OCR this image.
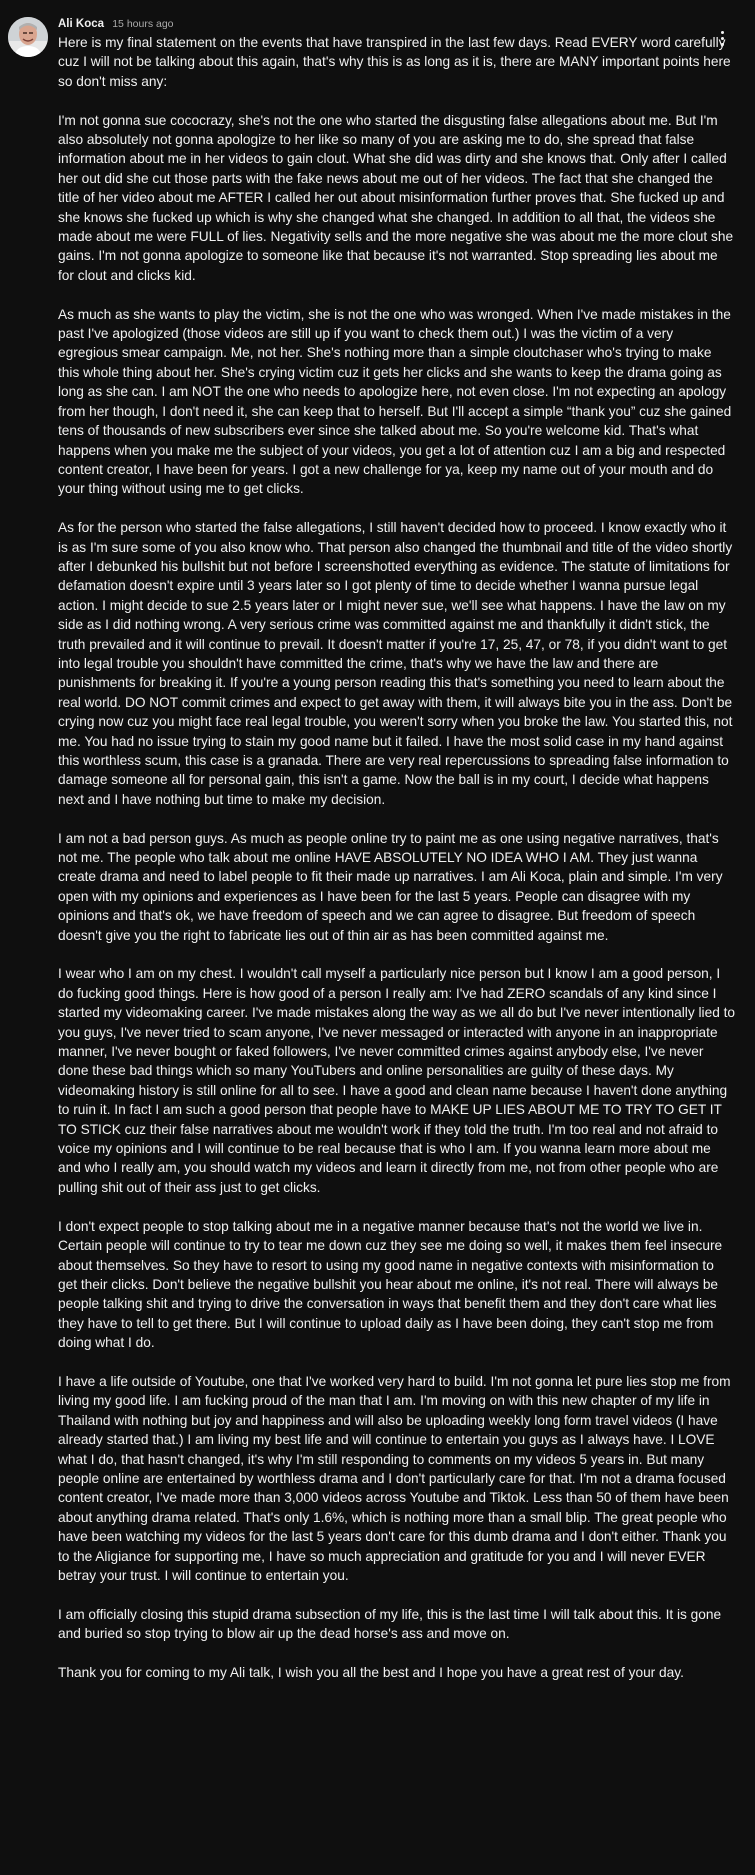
Ali Koca 15 hours ago

Here is my final statement on the events that have transpired in the last few days. Read EVERY word carefully cuz I will not be talking about this again, that's why this is as long as it is, there are MANY important points here so don't miss any:

I'm not gonna sue cococrazy, she's not the one who started the disgusting false allegations about me. But I'm also absolutely not gonna apologize to her like so many of you are asking me to do, she spread that false information about me in her videos to gain clout. What she did was dirty and she knows that. Only after I called her out did she cut those parts with the fake news about me out of her videos. The fact that she changed the title of her video about me AFTER I called her out about misinformation further proves that. She fucked up and she knows she fucked up which is why she changed what she changed. In addition to all that, the videos she made about me were FULL of lies. Negativity sells and the more negative she was about me the more clout she gains. I'm not gonna apologize to someone like that because it's not warranted. Stop spreading lies about me for clout and clicks kid.

As much as she wants to play the victim, she is not the one who was wronged. When I've made mistakes in the past I've apologized (those videos are still up if you want to check them out.) I was the victim of a very egregious smear campaign. Me, not her. She's nothing more than a simple cloutchaser who's trying to make this whole thing about her. She's crying victim cuz it gets her clicks and she wants to keep the drama going as long as she can. I am NOT the one who needs to apologize here, not even close. I'm not expecting an apology from her though, I don't need it, she can keep that to herself. But I'll accept a simple “thank you” cuz she gained tens of thousands of new subscribers ever since she talked about me. So you're welcome kid. That's what happens when you make me the subject of your videos, you get a lot of attention cuz I am a big and respected content creator, I have been for years. I got a new challenge for ya, keep my name out of your mouth and do your thing without using me to get clicks.

As for the person who started the false allegations, I still haven't decided how to proceed. I know exactly who it is as I'm sure some of you also know who. That person also changed the thumbnail and title of the video shortly after I debunked his bullshit but not before I screenshotted everything as evidence. The statute of limitations for defamation doesn't expire until 3 years later so I got plenty of time to decide whether I wanna pursue legal action. I might decide to sue 2.5 years later or I might never sue, we'll see what happens. I have the law on my side as I did nothing wrong. A very serious crime was committed against me and thankfully it didn't stick, the truth prevailed and it will continue to prevail. It doesn't matter if you're 17, 25, 47, or 78, if you didn't want to get into legal trouble you shouldn't have committed the crime, that's why we have the law and there are punishments for breaking it. If you're a young person reading this that's something you need to learn about the real world. DO NOT commit crimes and expect to get away with them, it will always bite you in the ass. Don't be crying now cuz you might face real legal trouble, you weren't sorry when you broke the law. You started this, not me. You had no issue trying to stain my good name but it failed. I have the most solid case in my hand against this worthless scum, this case is a granada. There are very real repercussions to spreading false information to damage someone all for personal gain, this isn't a game. Now the ball is in my court, I decide what happens next and I have nothing but time to make my decision.

I am not a bad person guys. As much as people online try to paint me as one using negative narratives, that's not me. The people who talk about me online HAVE ABSOLUTELY NO IDEA WHO I AM. They just wanna create drama and need to label people to fit their made up narratives. I am Ali Koca, plain and simple. I'm very open with my opinions and experiences as I have been for the last 5 years. People can disagree with my opinions and that's ok, we have freedom of speech and we can agree to disagree. But freedom of speech doesn't give you the right to fabricate lies out of thin air as has been committed against me.

I wear who I am on my chest. I wouldn't call myself a particularly nice person but I know I am a good person, I do fucking good things. Here is how good of a person I really am: I've had ZERO scandals of any kind since I started my videomaking career. I've made mistakes along the way as we all do but I've never intentionally lied to you guys, I've never tried to scam anyone, I've never messaged or interacted with anyone in an inappropriate manner, I've never bought or faked followers, I've never committed crimes against anybody else, I've never done these bad things which so many YouTubers and online personalities are guilty of these days. My videomaking history is still online for all to see. I have a good and clean name because I haven't done anything to ruin it. In fact I am such a good person that people have to MAKE UP LIES ABOUT ME TO TRY TO GET IT TO STICK cuz their false narratives about me wouldn't work if they told the truth. I'm too real and not afraid to voice my opinions and I will continue to be real because that is who I am. If you wanna learn more about me and who I really am, you should watch my videos and learn it directly from me, not from other people who are pulling shit out of their ass just to get clicks.

I don't expect people to stop talking about me in a negative manner because that's not the world we live in. Certain people will continue to try to tear me down cuz they see me doing so well, it makes them feel insecure about themselves. So they have to resort to using my good name in negative contexts with misinformation to get their clicks. Don't believe the negative bullshit you hear about me online, it's not real. There will always be people talking shit and trying to drive the conversation in ways that benefit them and they don't care what lies they have to tell to get there. But I will continue to upload daily as I have been doing, they can't stop me from doing what I do.

I have a life outside of Youtube, one that I've worked very hard to build. I'm not gonna let pure lies stop me from living my good life. I am fucking proud of the man that I am. I'm moving on with this new chapter of my life in Thailand with nothing but joy and happiness and will also be uploading weekly long form travel videos (I have already started that.) I am living my best life and will continue to entertain you guys as I always have. I LOVE what I do, that hasn't changed, it's why I'm still responding to comments on my videos 5 years in. But many people online are entertained by worthless drama and I don't particularly care for that. I'm not a drama focused content creator, I've made more than 3,000 videos across Youtube and Tiktok. Less than 50 of them have been about anything drama related. That's only 1.6%, which is nothing more than a small blip. The great people who have been watching my videos for the last 5 years don't care for this dumb drama and I don't either. Thank you to the Aligiance for supporting me, I have so much appreciation and gratitude for you and I will never EVER betray your trust. I will continue to entertain you.

I am officially closing this stupid drama subsection of my life, this is the last time I will talk about this. It is gone and buried so stop trying to blow air up the dead horse's ass and move on.

Thank you for coming to my Ali talk, I wish you all the best and I hope you have a great rest of your day.
